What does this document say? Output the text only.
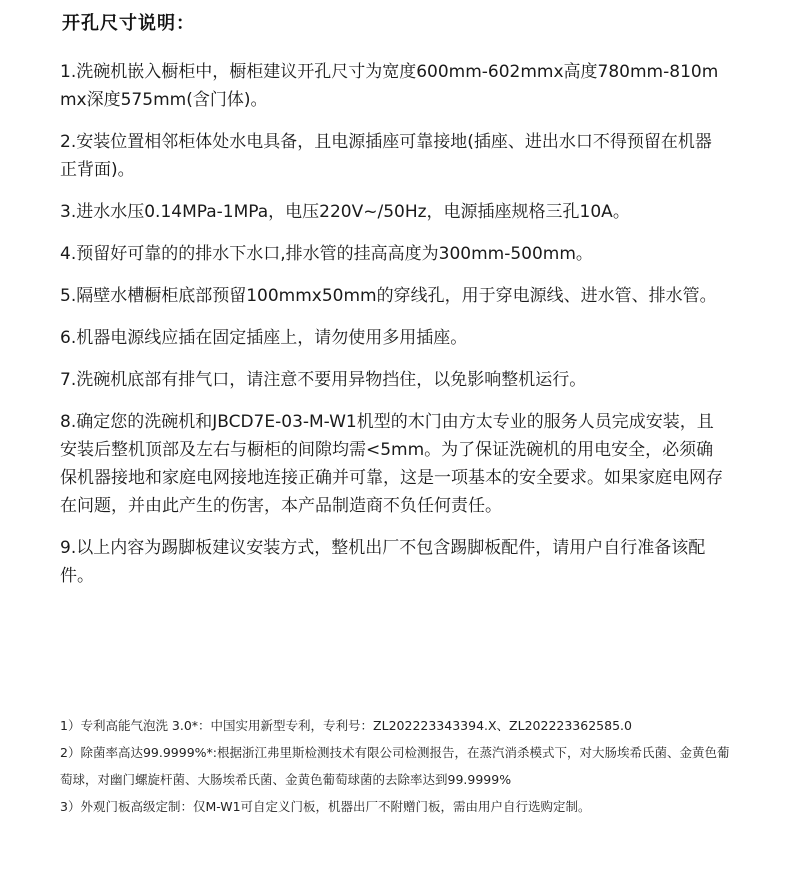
开孔尺寸说明：

1.洗碗机嵌入橱柜中，橱柜建议开孔尺寸为宽度600mm-602mmx高度780mm-810mmx深度575mm(含门体)。

2.安装位置相邻柜体处水电具备，且电源插座可靠接地(插座、进出水口不得预留在机器正背面)。

3.进水水压0.14MPa-1MPa，电压220V~/50Hz，电源插座规格三孔10A。

4.预留好可靠的的排水下水口,排水管的挂高高度为300mm-500mm。

5.隔壁水槽橱柜底部预留100mmx50mm的穿线孔，用于穿电源线、进水管、排水管。

6.机器电源线应插在固定插座上，请勿使用多用插座。

7.洗碗机底部有排气口，请注意不要用异物挡住，以免影响整机运行。

8.确定您的洗碗机和JBCD7E-03-M-W1机型的木门由方太专业的服务人员完成安装，且安装后整机顶部及左右与橱柜的间隙均需<5mm。为了保证洗碗机的用电安全，必须确保机器接地和家庭电网接地连接正确并可靠，这是一项基本的安全要求。如果家庭电网存在问题，并由此产生的伤害，本产品制造商不负任何责任。

9.以上内容为踢脚板建议安装方式，整机出厂不包含踢脚板配件，请用户自行准备该配件。

1）专利高能气泡洗 3.0*：中国实用新型专利，专利号：ZL202223343394.X、ZL202223362585.0

2）除菌率高达99.9999%*:根据浙江弗里斯检测技术有限公司检测报告，在蒸汽消杀模式下，对大肠埃希氏菌、金黄色葡萄球，对幽门螺旋杆菌、大肠埃希氏菌、金黄色葡萄球菌的去除率达到99.9999%

3）外观门板高级定制：仅M-W1可自定义门板，机器出厂不附赠门板，需由用户自行选购定制。
